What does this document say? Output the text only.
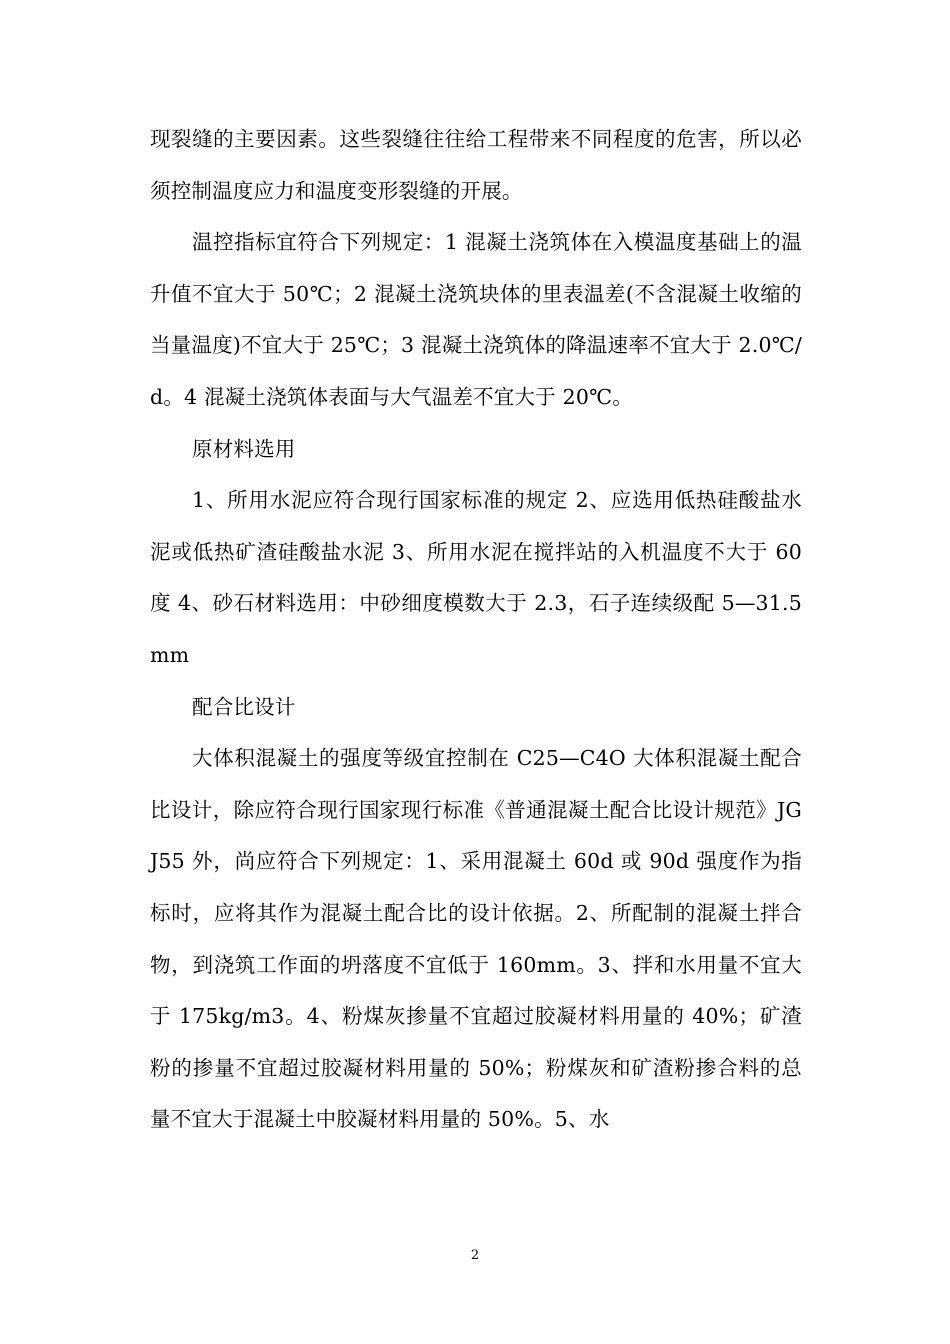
现裂缝的主要因素。这些裂缝往往给工程带来不同程度的危害，所以必须控制温度应力和温度变形裂缝的开展。

温控指标宜符合下列规定：1 混凝土浇筑体在入模温度基础上的温升值不宜大于 50℃；2 混凝土浇筑块体的里表温差(不含混凝土收缩的当量温度)不宜大于 25℃；3 混凝土浇筑体的降温速率不宜大于 2.0℃/d。4 混凝土浇筑体表面与大气温差不宜大于 20℃。

原材料选用

1、所用水泥应符合现行国家标准的规定 2、应选用低热硅酸盐水泥或低热矿渣硅酸盐水泥 3、所用水泥在搅拌站的入机温度不大于 60 度 4、砂石材料选用：中砂细度模数大于 2.3，石子连续级配 5—31.5mm

配合比设计

大体积混凝土的强度等级宜控制在 C25—C4O 大体积混凝土配合比设计，除应符合现行国家现行标准《普通混凝土配合比设计规范》JGJ55 外，尚应符合下列规定：1、采用混凝土 60d 或 90d 强度作为指标时，应将其作为混凝土配合比的设计依据。2、所配制的混凝土拌合物，到浇筑工作面的坍落度不宜低于 160mm。3、拌和水用量不宜大于 175kg/m3。4、粉煤灰掺量不宜超过胶凝材料用量的 40%；矿渣粉的掺量不宜超过胶凝材料用量的 50%；粉煤灰和矿渣粉掺合料的总量不宜大于混凝土中胶凝材料用量的 50%。5、水

2
